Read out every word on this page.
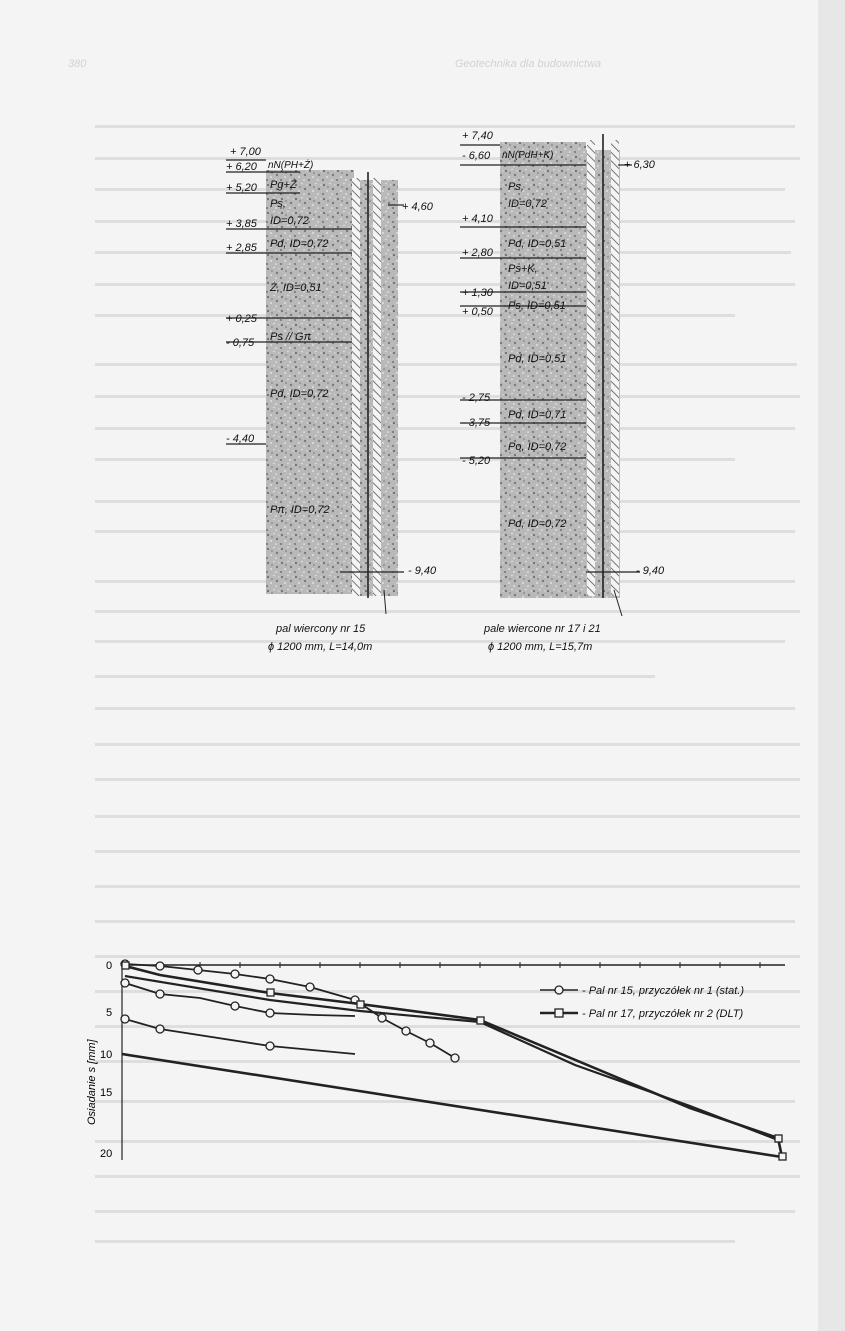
380	Geotechnika dla budownictwa
+ 7,00
+ 6,20
+ 5,20
+ 3,85
+ 2,85
+ 0,25
- 0,75
- 4,40
nN(PH+Ż)
Pg+Ż
Ps,
ID=0,72
Pd, ID=0,72
Ż, ID=0,51
Ps // Gπ
Pd, ID=0,72
Pπ, ID=0,72
+ 4,60
- 9,40
pal wiercony nr 15
ϕ 1200 mm, L=14,0m
+ 7,40
- 6,60
+ 4,10
+ 2,80
+ 1,30
+ 0,50
- 2,75
- 3,75
- 5,20
nN(PdH+K)
Ps,
ID=0,72
Pd, ID=0,51
Ps+K,
ID=0,51
Ps, ID=0,51
Pd, ID=0,51
Pd, ID=0,71
Po, ID=0,72
Pd, ID=0,72
+ 6,30
- 9,40
pale wiercone nr 17 i 21
ϕ 1200 mm, L=15,7m
0
5
10
15
20
Osiadanie s [mm]
- Pal nr 15, przyczółek nr 1 (stat.)
- Pal nr 17, przyczółek nr 2 (DLT)
